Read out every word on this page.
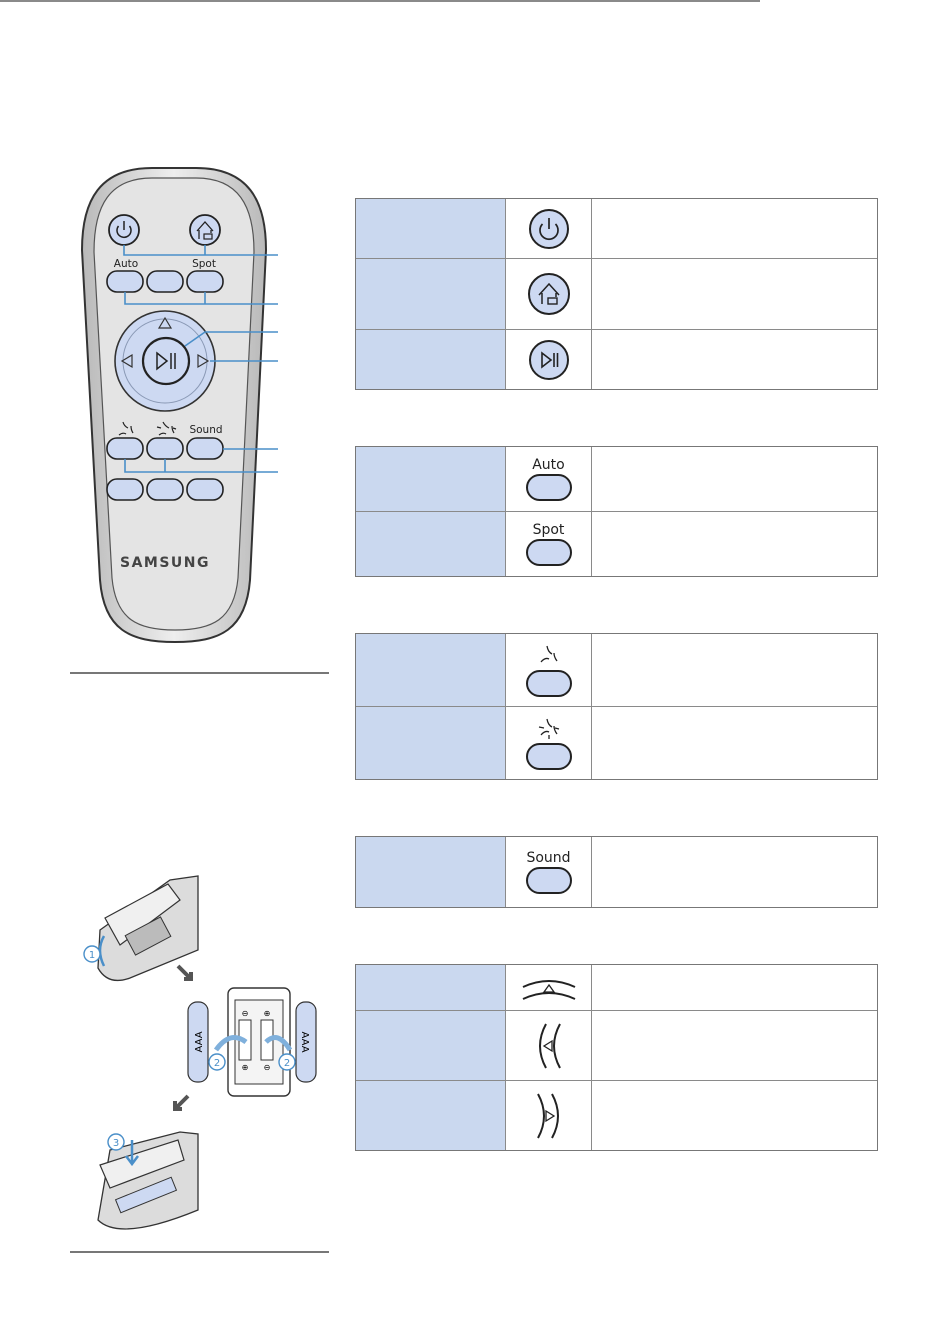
Auto	Spot
Sound
SAMSUNG
1
⊖ ⊕
⊕ ⊖
AAA	AAA
2	2
3
Auto
Spot
Sound
